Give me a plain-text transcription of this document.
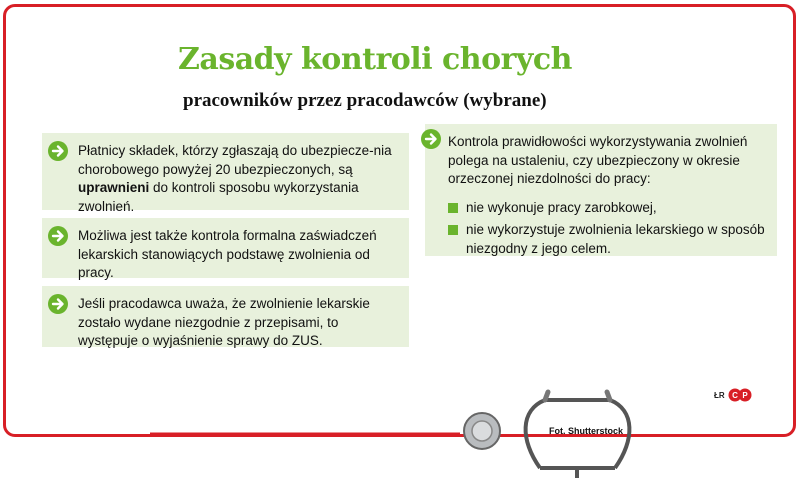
Zasady kontroli chorych
pracowników przez pracodawców (wybrane)

Płatnicy składek, którzy zgłaszają do ubezpiecze-nia chorobowego powyżej 20 ubezpieczonych, są uprawnieni do kontroli sposobu wykorzystania zwolnień.

Możliwa jest także kontrola formalna zaświadczeń lekarskich stanowiących podstawę zwolnienia od pracy.

Jeśli pracodawca uważa, że zwolnienie lekarskie zostało wydane niezgodnie z przepisami, to występuje o wyjaśnienie sprawy do ZUS.

Kontrola prawidłowości wykorzystywania zwolnień polega na ustaleniu, czy ubezpieczony w okresie orzeczonej niezdolności do pracy:

nie wykonuje pracy zarobkowej,
nie wykorzystuje zwolnienia lekarskiego w sposób niezgodny z jego celem.
ŁR C P
Fot. Shutterstock
